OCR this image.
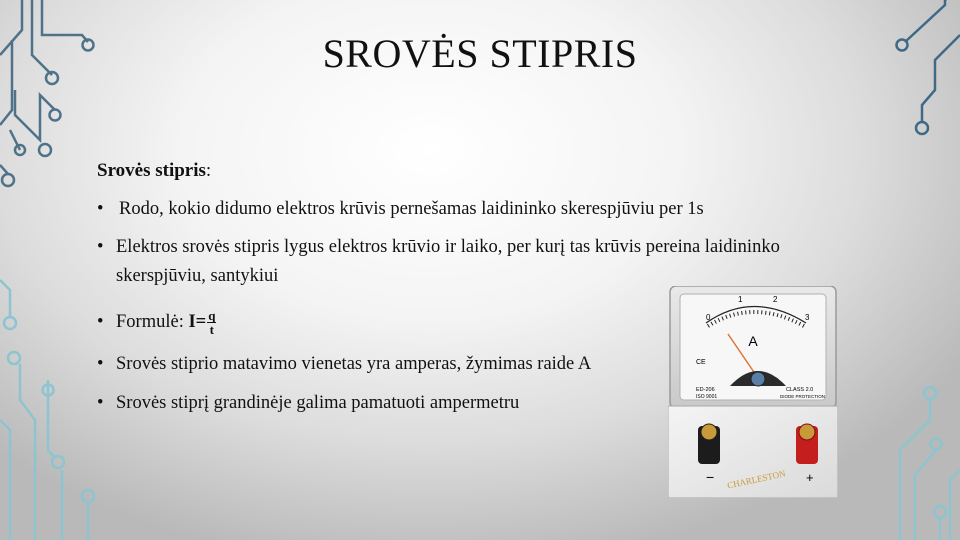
SROVĖS STIPRIS
Srovės stipris:
• Rodo, kokio didumo elektros krūvis pernešamas laidininko skerespjūviu per 1s
• Elektros srovės stipris lygus elektros krūvio ir laiko, per kurį tas krūvis pereina laidininko
skerspjūviu, santykiui
• Formulė: $I= \frac{q}{t}$
• Srovės stiprio matavimo vienetas yra amperas, žymimas raide A
• Srovės stiprį grandinėje galima pamatuoti ampermetru
0
1	2
3
A
CE
ED-206
ISO 9001
CLASS 2.0
DIODE PROTECTION
−	+
CHARLESTON
